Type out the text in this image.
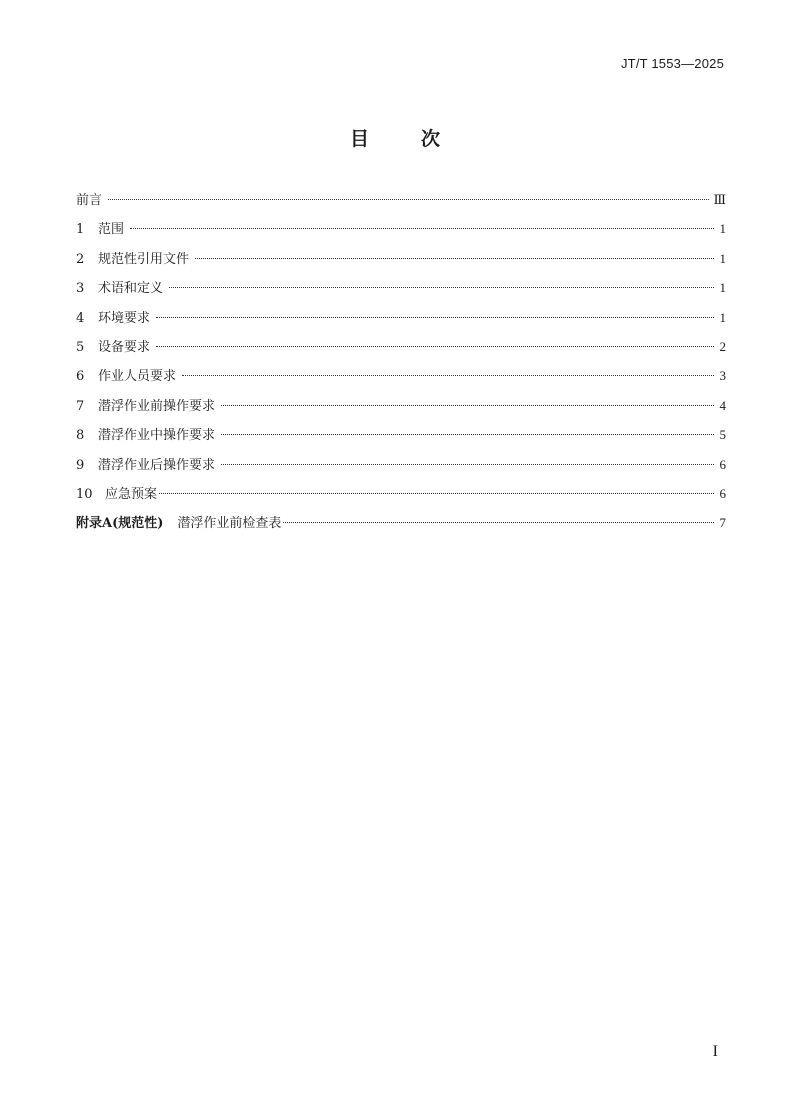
JT/T 1553—2025
目	次
前言	Ⅲ
1	范围	1
2	规范性引用文件	1
3	术语和定义	1
4	环境要求	1
5	设备要求	2
6	作业人员要求	3
7	潜浮作业前操作要求	4
8	潜浮作业中操作要求	5
9	潜浮作业后操作要求	6
10 应急预案	6
附录A(规范性) 潜浮作业前检查表	7
I
